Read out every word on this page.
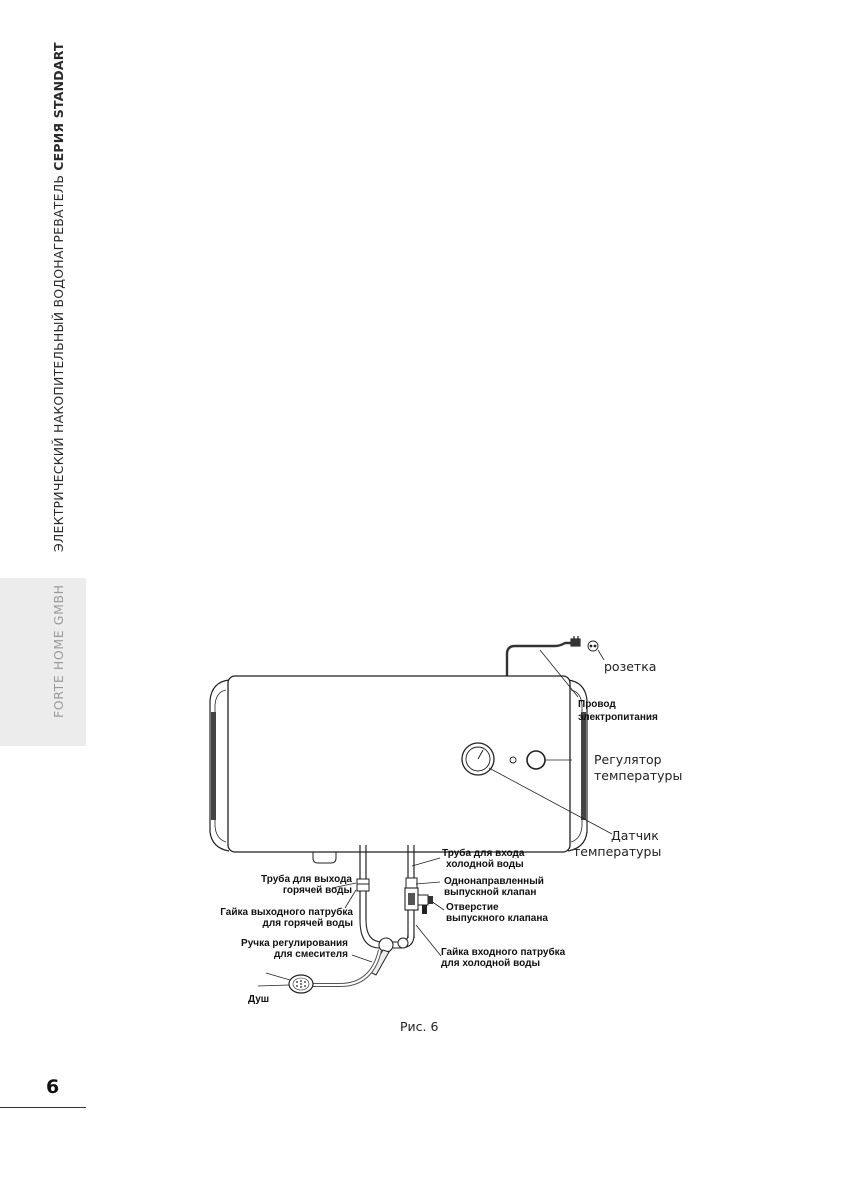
ЭЛЕКТРИЧЕСКИЙ НАКОПИТЕЛЬНЫЙ ВОДОНАГРЕВАТЕЛЬ СЕРИЯ STANDART
FORTE HOME GMBH	розетка
Провод
электропитания
Регулятор
температуры
Датчик
температуры
Труба для входа
холодной воды
Труба для выхода
горячей воды
Однонаправленный
выпускной клапан
Отверстие
выпускного клапана
Гайка выходного патрубка
для горячей воды
Ручка регулирования
для смесителя	Гайка входного патрубка
для холодной воды
Душ
Рис. 6
6
